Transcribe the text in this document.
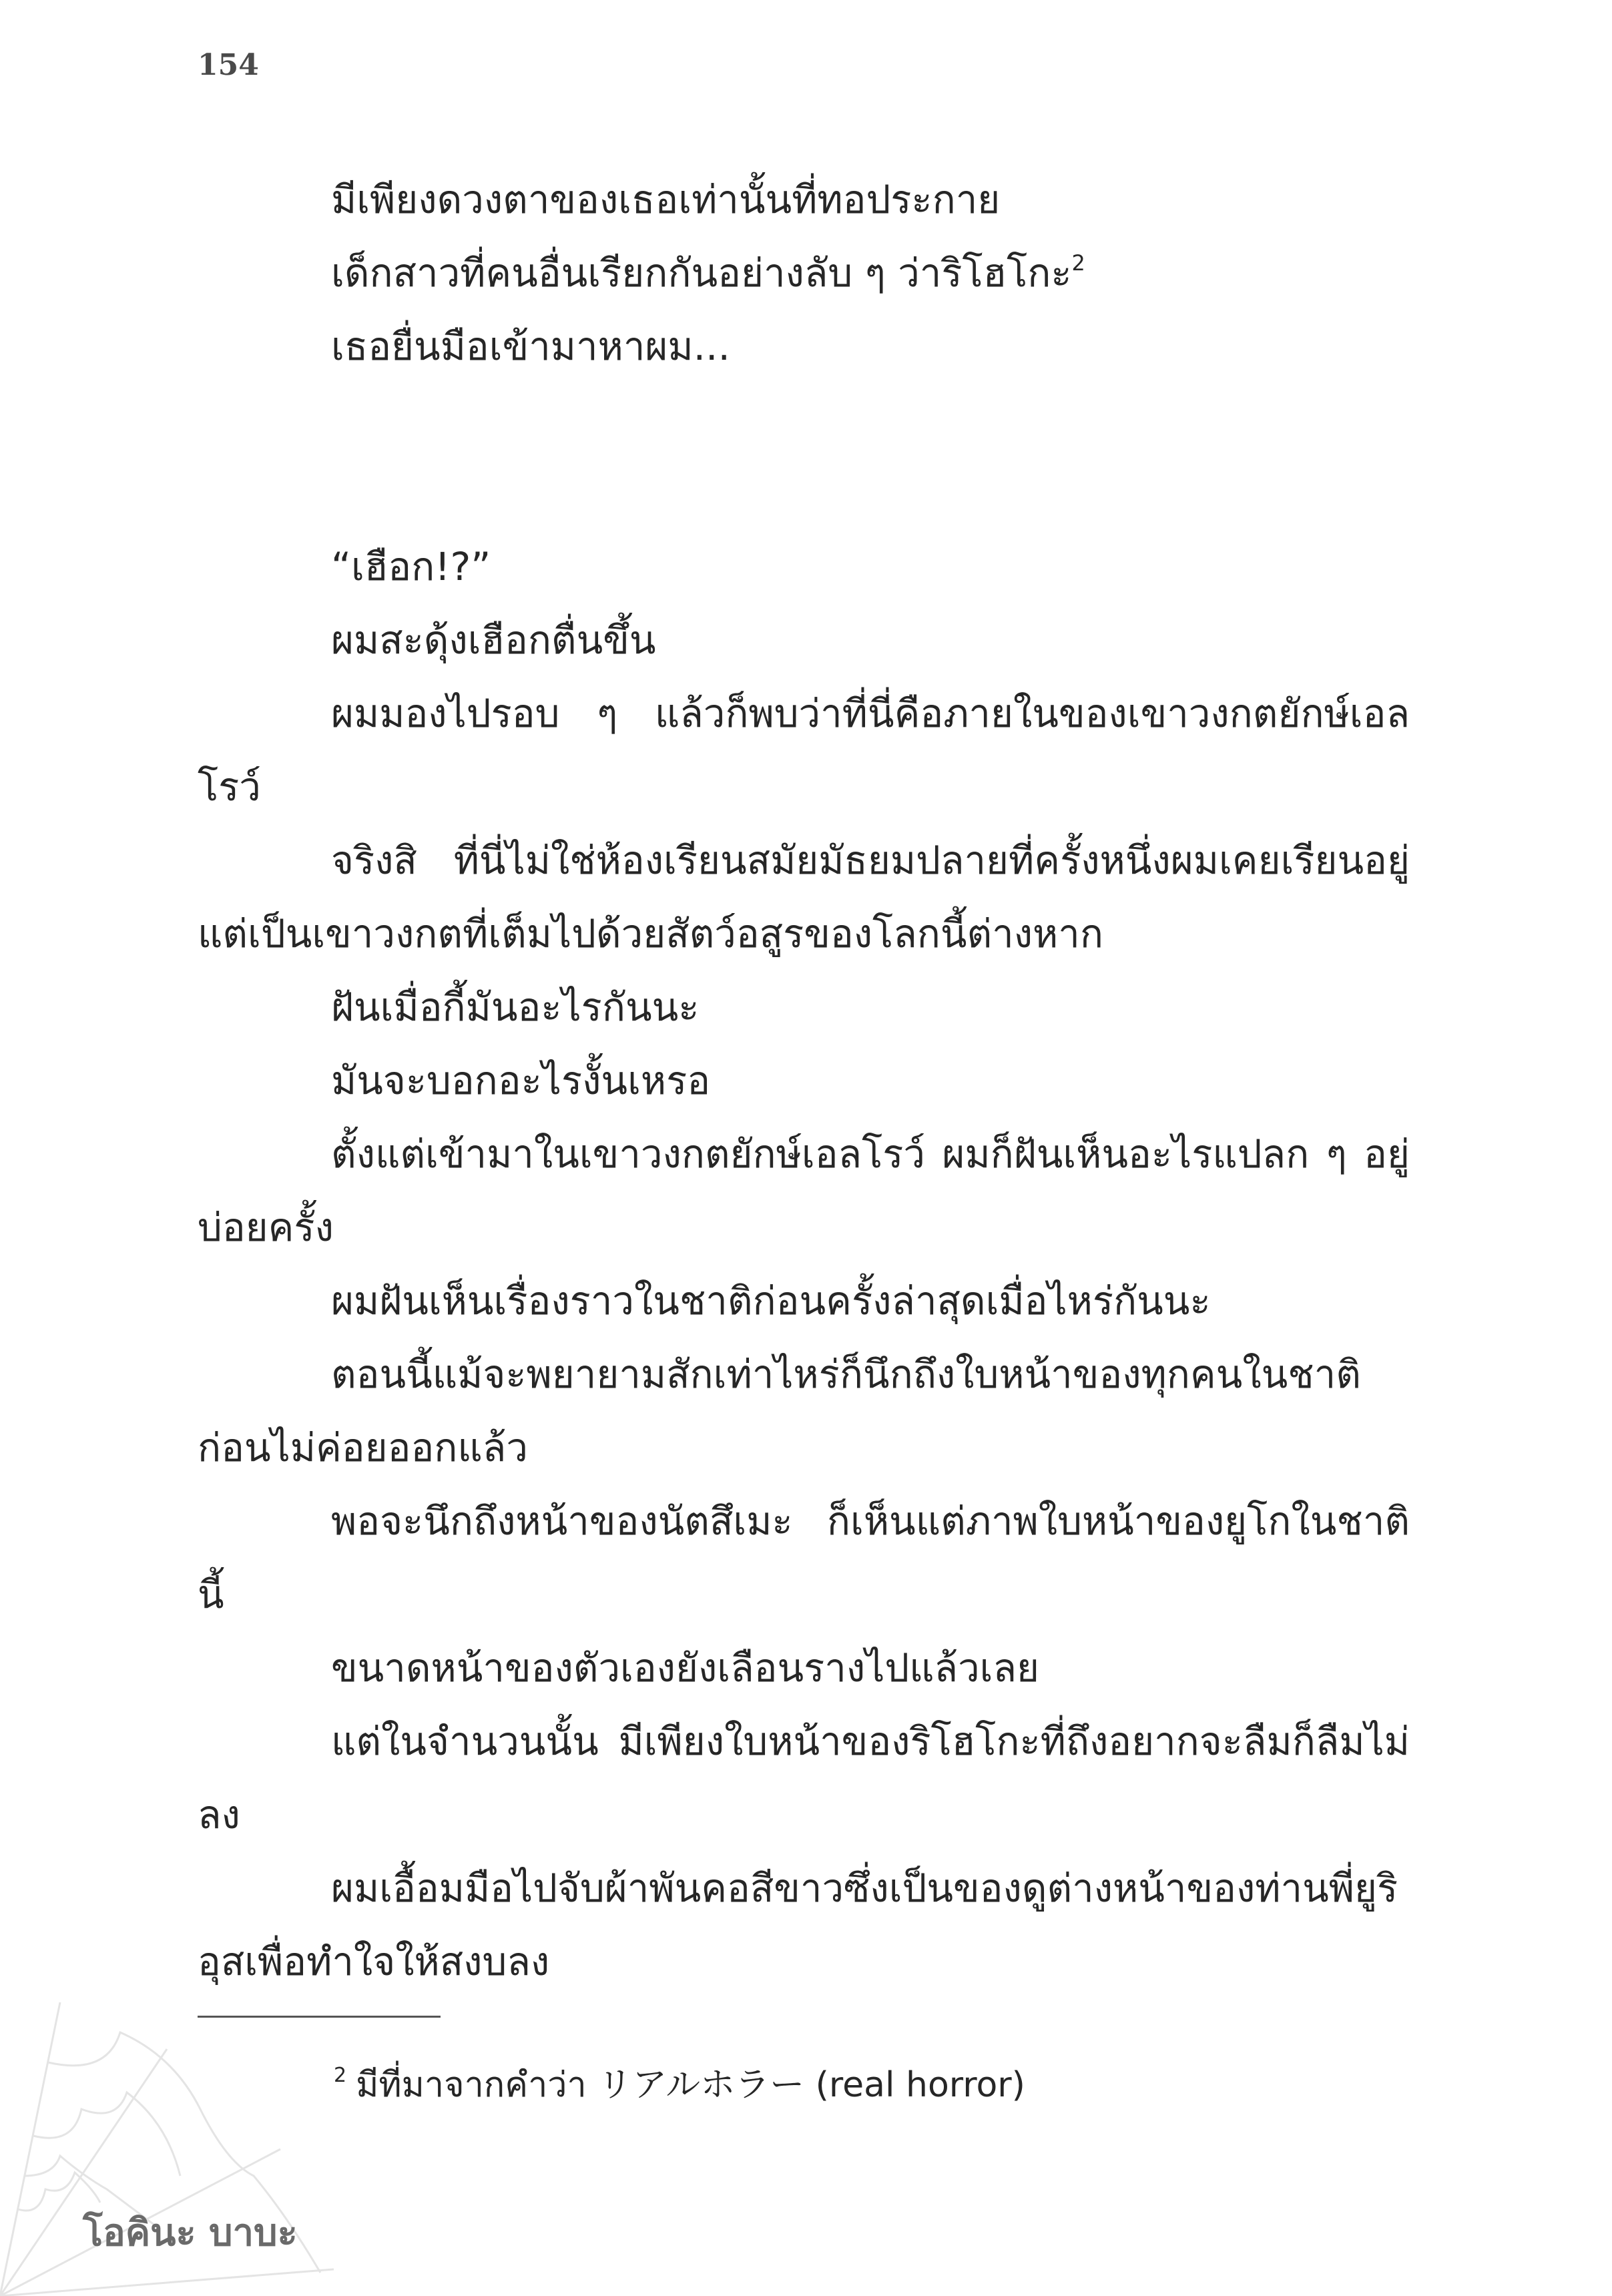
154

มีเพียงดวงตาของเธอเท่านั้นที่ทอประกาย

เด็กสาวที่คนอื่นเรียกกันอย่างลับ ๆ ว่าริโฮโกะ$^2$

เธอยื่นมือเข้ามาหาผม...

“เฮือก!?”

ผมสะดุ้งเฮือกตื่นขึ้น

ผมมองไปรอบ ๆ แล้วก็พบว่าที่นี่คือภายในของเขาวงกตยักษ์เอลโรว์

จริงสิ ที่นี่ไม่ใช่ห้องเรียนสมัยมัธยมปลายที่ครั้งหนึ่งผมเคยเรียนอยู่ แต่เป็นเขาวงกตที่เต็มไปด้วยสัตว์อสูรของโลกนี้ต่างหาก

ฝันเมื่อกี้มันอะไรกันนะ

มันจะบอกอะไรงั้นเหรอ

ตั้งแต่เข้ามาในเขาวงกตยักษ์เอลโรว์ ผมก็ฝันเห็นอะไรแปลก ๆ อยู่บ่อยครั้ง

ผมฝันเห็นเรื่องราวในชาติก่อนครั้งล่าสุดเมื่อไหร่กันนะ

ตอนนี้แม้จะพยายามสักเท่าไหร่ก็นึกถึงใบหน้าของทุกคนในชาติก่อนไม่ค่อยออกแล้ว

พอจะนึกถึงหน้าของนัตสึเมะ ก็เห็นแต่ภาพใบหน้าของยูโกในชาตินี้

ขนาดหน้าของตัวเองยังเลือนรางไปแล้วเลย

แต่ในจำนวนนั้น มีเพียงใบหน้าของริโฮโกะที่ถึงอยากจะลืมก็ลืมไม่ลง

ผมเอื้อมมือไปจับผ้าพันคอสีขาวซึ่งเป็นของดูต่างหน้าของท่านพี่ยูริอุสเพื่อทำใจให้สงบลง

$^2$ มีที่มาจากคำว่า リアルホラー (real horror)
โอคินะ บาบะ
